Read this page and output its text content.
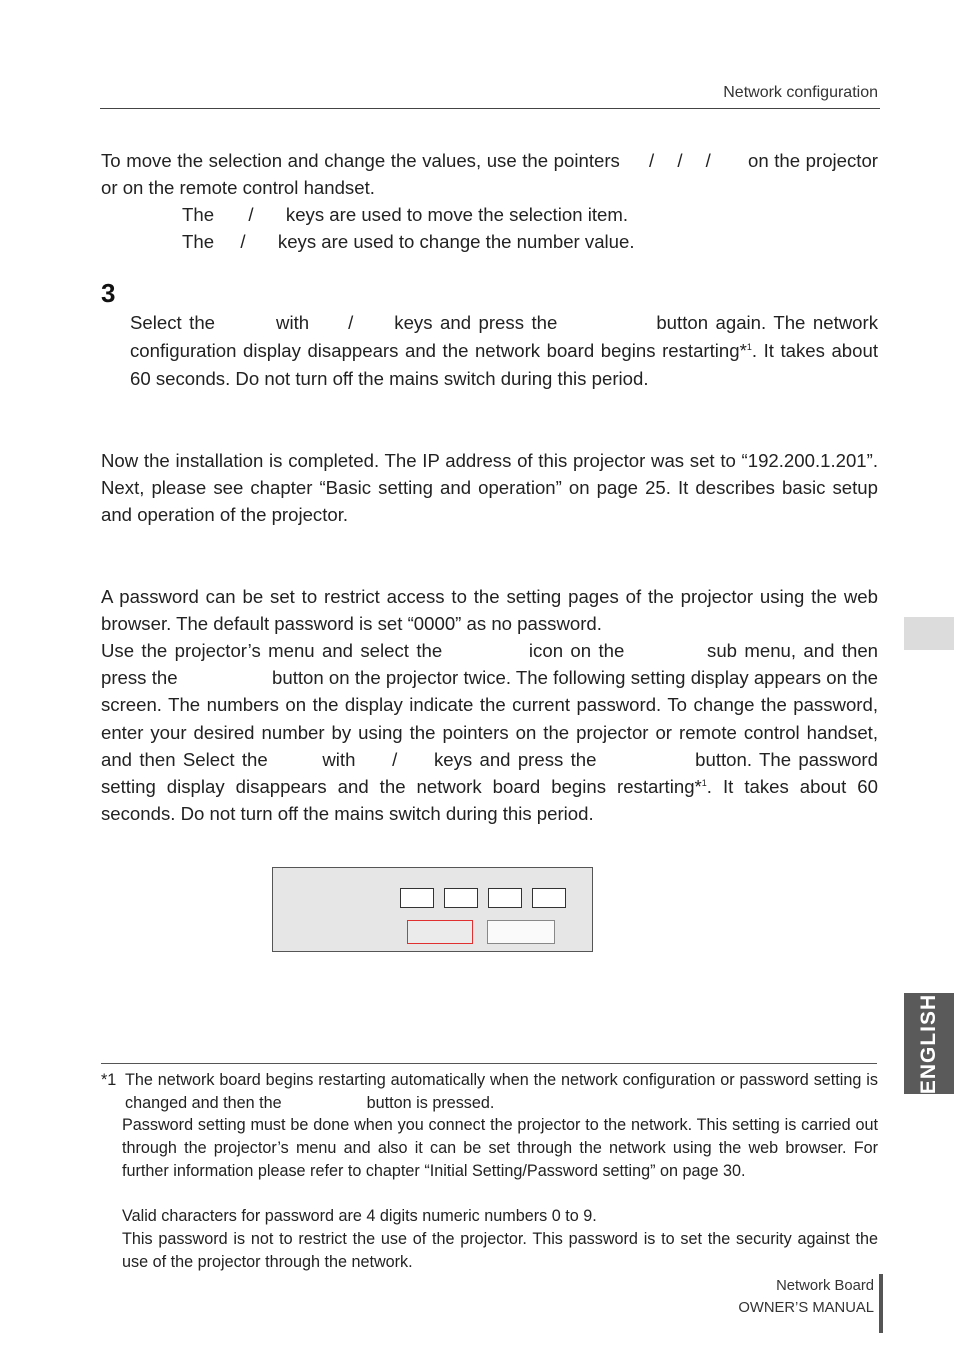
Network configuration

To move the selection and change the values, use the pointers / / / on the projector or on the remote control handset.

The / keys are used to move the selection item.
The / keys are used to change the number value.
3

Select the	with / keys and press the	button again. The network configuration display disappears and the network board begins restarting*$^1$. It takes about 60 seconds. Do not turn off the mains switch during this period.

Now the installation is completed. The IP address of this projector was set to “192.200.1.201”. Next, please see chapter “Basic setting and operation” on page 25. It describes basic setup and operation of the projector.

A password can be set to restrict access to the setting pages of the projector using the web browser. The default password is set “0000” as no password.

Use the projector’s menu and select the	icon on the	sub menu, and then press the	button on the projector twice. The following setting display appears on the screen. The numbers on the display indicate the current password. To change the password, enter your desired number by using the pointers on the projector or remote control handset, and then Select the	with / keys and press the	button. The password setting display disappears and the network board begins restarting*$^1$. It takes about 60 seconds. Do not turn off the mains switch during this period.

ENGLISH
*1 The network board begins restarting automatically when the network configuration or password setting is changed and then the	button is pressed.

Password setting must be done when you connect the projector to the network. This setting is carried out through the projector’s menu and also it can be set through the network using the web browser. For further information please refer to chapter “Initial Setting/Password setting” on page 30.

Valid characters for password are 4 digits numeric numbers 0 to 9.

This password is not to restrict the use of the projector. This password is to set the security against the use of the projector through the network.

Network Board
OWNER’S MANUAL
